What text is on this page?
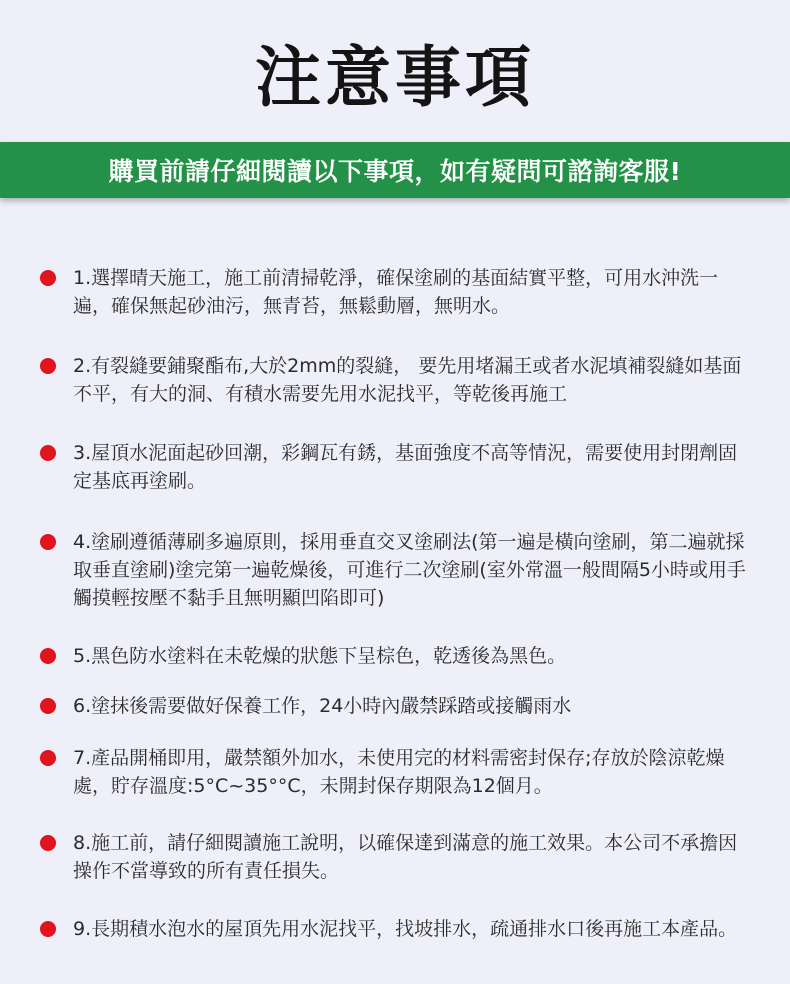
注意事項
購買前請仔細閱讀以下事項，如有疑問可諮詢客服!
1.選擇晴天施工，施工前清掃乾淨，確保塗刷的基面結實平整，可用水沖洗一遍，確保無起砂油污，無青苔，無鬆動層，無明水。
2.有裂縫要鋪聚酯布,大於2mm的裂縫， 要先用堵漏王或者水泥填補裂縫如基面不平，有大的洞、有積水需要先用水泥找平，等乾後再施工
3.屋頂水泥面起砂回潮，彩鋼瓦有銹，基面強度不高等情況，需要使用封閉劑固定基底再塗刷。
4.塗刷遵循薄刷多遍原則，採用垂直交叉塗刷法(第一遍是橫向塗刷，第二遍就採取垂直塗刷)塗完第一遍乾燥後，可進行二次塗刷(室外常溫一般間隔5小時或用手觸摸輕按壓不黏手且無明顯凹陷即可)
5.黑色防水塗料在未乾燥的狀態下呈棕色，乾透後為黑色。
6.塗抹後需要做好保養工作，24小時內嚴禁踩踏或接觸雨水
7.產品開桶即用，嚴禁額外加水，未使用完的材料需密封保存;存放於陰涼乾燥處，貯存溫度:5°C~35°°C，未開封保存期限為12個月。
8.施工前，請仔細閱讀施工說明，以確保達到滿意的施工效果。本公司不承擔因操作不當導致的所有責任損失。
9.長期積水泡水的屋頂先用水泥找平，找坡排水，疏通排水口後再施工本產品。
